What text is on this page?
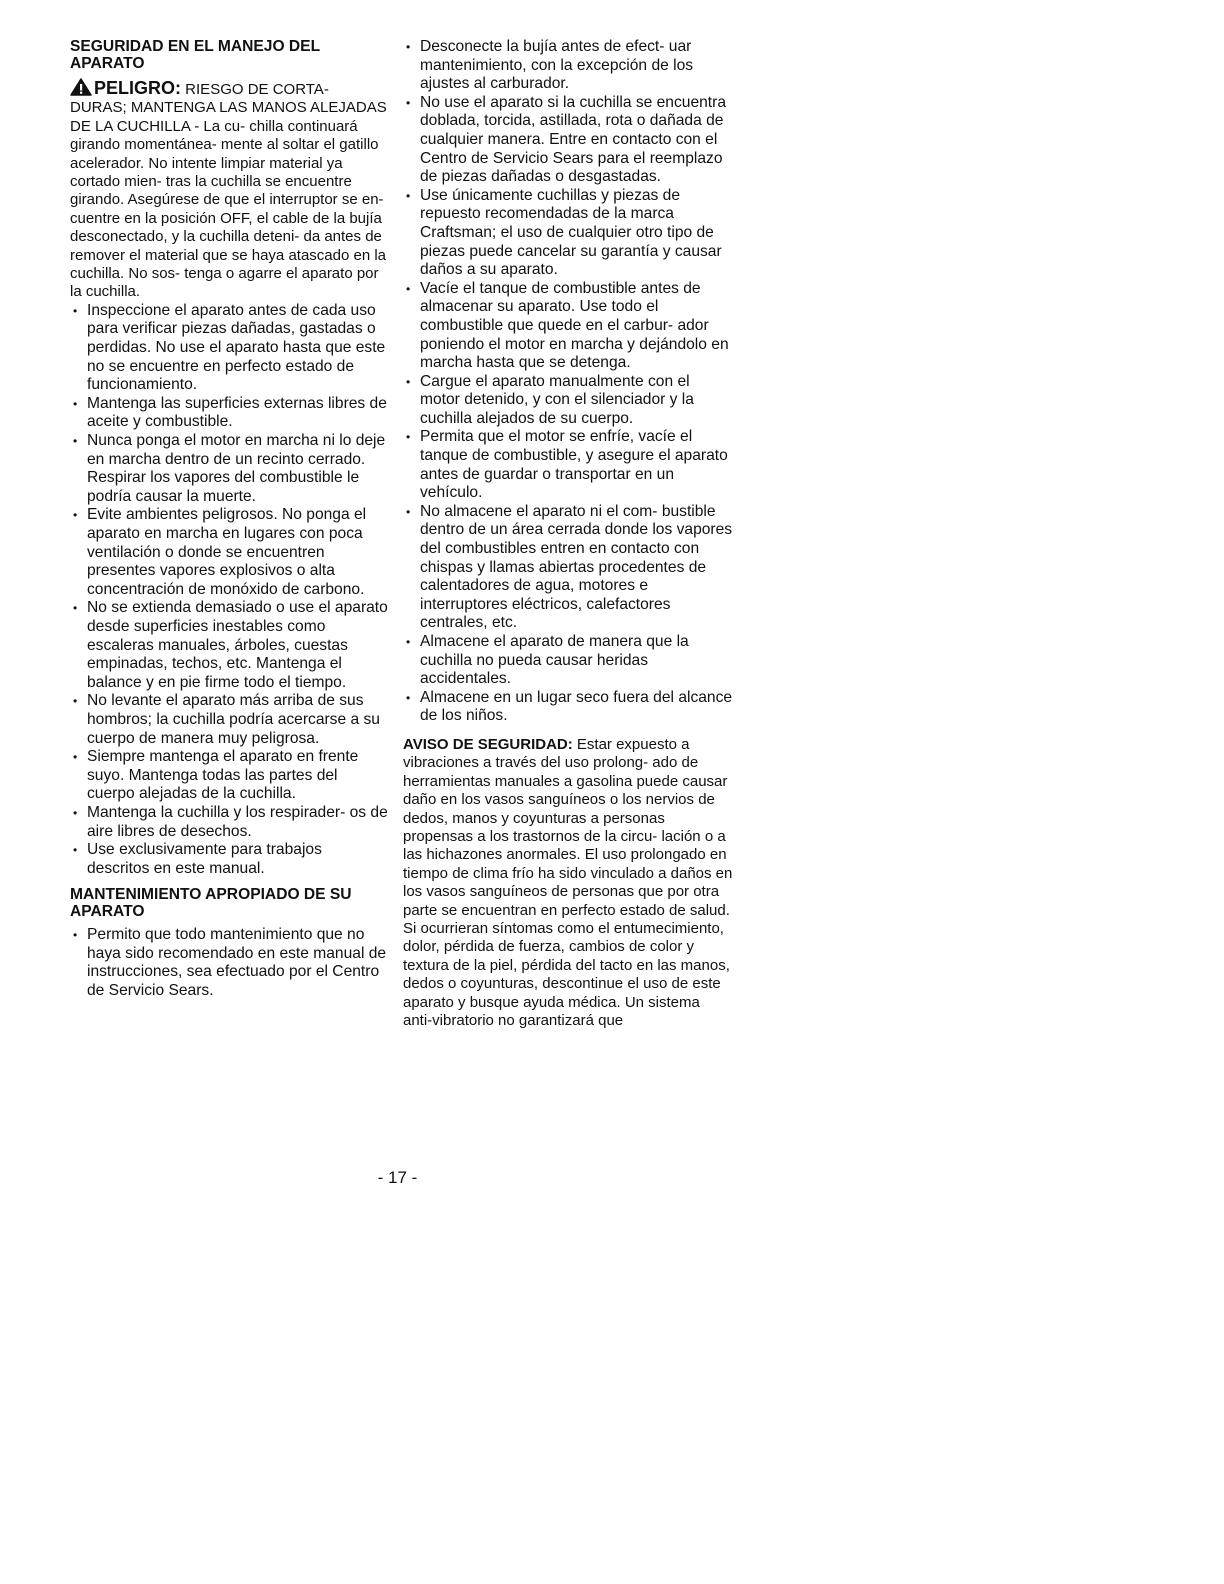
SEGURIDAD EN EL MANEJO DEL APARATO

PELIGRO: RIESGO DE CORTA- DURAS; MANTENGA LAS MANOS ALEJADAS DE LA CUCHILLA - La cu- chilla continuará girando momentánea- mente al soltar el gatillo acelerador. No intente limpiar material ya cortado mien- tras la cuchilla se encuentre girando. Asegúrese de que el interruptor se en- cuentre en la posición OFF, el cable de la bujía desconectado, y la cuchilla deteni- da antes de remover el material que se haya atascado en la cuchilla. No sos- tenga o agarre el aparato por la cuchilla.

• Inspeccione el aparato antes de cada uso para verificar piezas dañadas, gastadas o perdidas. No use el aparato hasta que este no se encuentre en perfecto estado de funcionamiento.
• Mantenga las superficies externas libres de aceite y combustible.
• Nunca ponga el motor en marcha ni lo deje en marcha dentro de un recinto cerrado. Respirar los vapores del combustible le podría causar la muerte.
• Evite ambientes peligrosos. No ponga el aparato en marcha en lugares con poca ventilación o donde se encuentren presentes vapores explosivos o alta concentración de monóxido de carbono.
• No se extienda demasiado o use el aparato desde superficies inestables como escaleras manuales, árboles, cuestas empinadas, techos, etc. Mantenga el balance y en pie firme todo el tiempo.
• No levante el aparato más arriba de sus hombros; la cuchilla podría acercarse a su cuerpo de manera muy peligrosa.
• Siempre mantenga el aparato en frente suyo. Mantenga todas las partes del cuerpo alejadas de la cuchilla.
• Mantenga la cuchilla y los respirader- os de aire libres de desechos.
• Use exclusivamente para trabajos descritos en este manual.
MANTENIMIENTO APROPIADO DE SU APARATO
• Permito que todo mantenimiento que no haya sido recomendado en este manual de instrucciones, sea efectuado por el Centro de Servicio Sears.
• Desconecte la bujía antes de efect- uar mantenimiento, con la excepción de los ajustes al carburador.
• No use el aparato si la cuchilla se encuentra doblada, torcida, astillada, rota o dañada de cualquier manera. Entre en contacto con el Centro de Servicio Sears para el reemplazo de piezas dañadas o desgastadas.
• Use únicamente cuchillas y piezas de repuesto recomendadas de la marca Craftsman; el uso de cualquier otro tipo de piezas puede cancelar su garantía y causar daños a su aparato.
• Vacíe el tanque de combustible antes de almacenar su aparato. Use todo el combustible que quede en el carbur- ador poniendo el motor en marcha y dejándolo en marcha hasta que se detenga.
• Cargue el aparato manualmente con el motor detenido, y con el silenciador y la cuchilla alejados de su cuerpo.
• Permita que el motor se enfríe, vacíe el tanque de combustible, y asegure el aparato antes de guardar o transportar en un vehículo.
• No almacene el aparato ni el com- bustible dentro de un área cerrada donde los vapores del combustibles entren en contacto con chispas y llamas abiertas procedentes de calentadores de agua, motores e interruptores eléctricos, calefactores centrales, etc.
• Almacene el aparato de manera que la cuchilla no pueda causar heridas accidentales.
• Almacene en un lugar seco fuera del alcance de los niños.

AVISO DE SEGURIDAD: Estar expuesto a vibraciones a través del uso prolong- ado de herramientas manuales a gasolina puede causar daño en los vasos sanguíneos o los nervios de dedos, manos y coyunturas a personas propensas a los trastornos de la circu- lación o a las hichazones anormales. El uso prolongado en tiempo de clima frío ha sido vinculado a daños en los vasos sanguíneos de personas que por otra parte se encuentran en perfecto estado de salud. Si ocurrieran síntomas como el entumecimiento, dolor, pérdida de fuerza, cambios de color y textura de la piel, pérdida del tacto en las manos, dedos o coyunturas, descontinue el uso de este aparato y busque ayuda médica. Un sistema anti-vibratorio no garantizará que

- 17 -
